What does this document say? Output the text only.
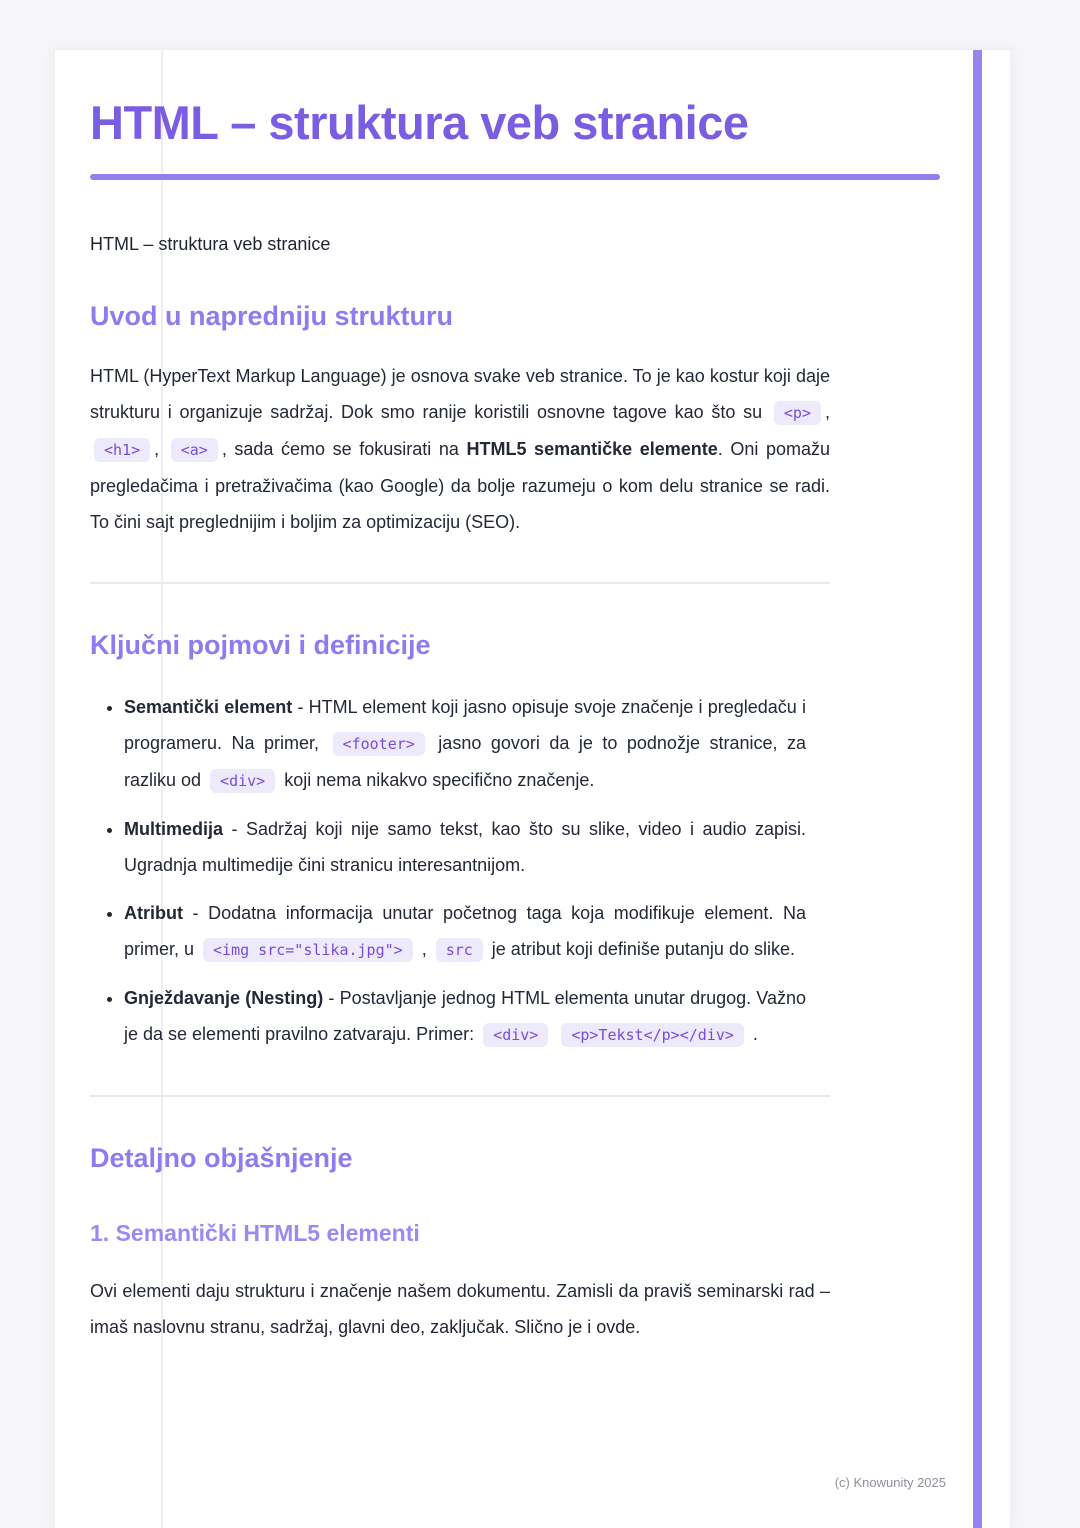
HTML – struktura veb stranice

HTML – struktura veb stranice

Uvod u napredniju strukturu

HTML (HyperText Markup Language) je osnova svake veb stranice. To je kao kostur koji daje strukturu i organizuje sadržaj. Dok smo ranije koristili osnovne tagove kao što su <p> , <h1> , <a> , sada ćemo se fokusirati na HTML5 semantičke elemente. Oni pomažu pregledačima i pretraživačima (kao Google) da bolje razumeju o kom delu stranice se radi. To čini sajt preglednijim i boljim za optimizaciju (SEO).

Ključni pojmovi i definicije
• Semantički element - HTML element koji jasno opisuje svoje značenje i pregledaču i programeru. Na primer, <footer> jasno govori da je to podnožje stranice, za razliku od <div> koji nema nikakvo specifično značenje.
• Multimedija - Sadržaj koji nije samo tekst, kao što su slike, video i audio zapisi. Ugradnja multimedije čini stranicu interesantnijom.
• Atribut - Dodatna informacija unutar početnog taga koja modifikuje element. Na primer, u <img src="slika.jpg"> , src je atribut koji definiše putanju do slike.
• Gnježdavanje (Nesting) - Postavljanje jednog HTML elementa unutar drugog. Važno je da se elementi pravilno zatvaraju. Primer: <div> <p>Tekst</p></div> .
Detaljno objašnjenje
1. Semantički HTML5 elementi

Ovi elementi daju strukturu i značenje našem dokumentu. Zamisli da praviš seminarski rad – imaš naslovnu stranu, sadržaj, glavni deo, zaključak. Slično je i ovde.

(c) Knowunity 2025
